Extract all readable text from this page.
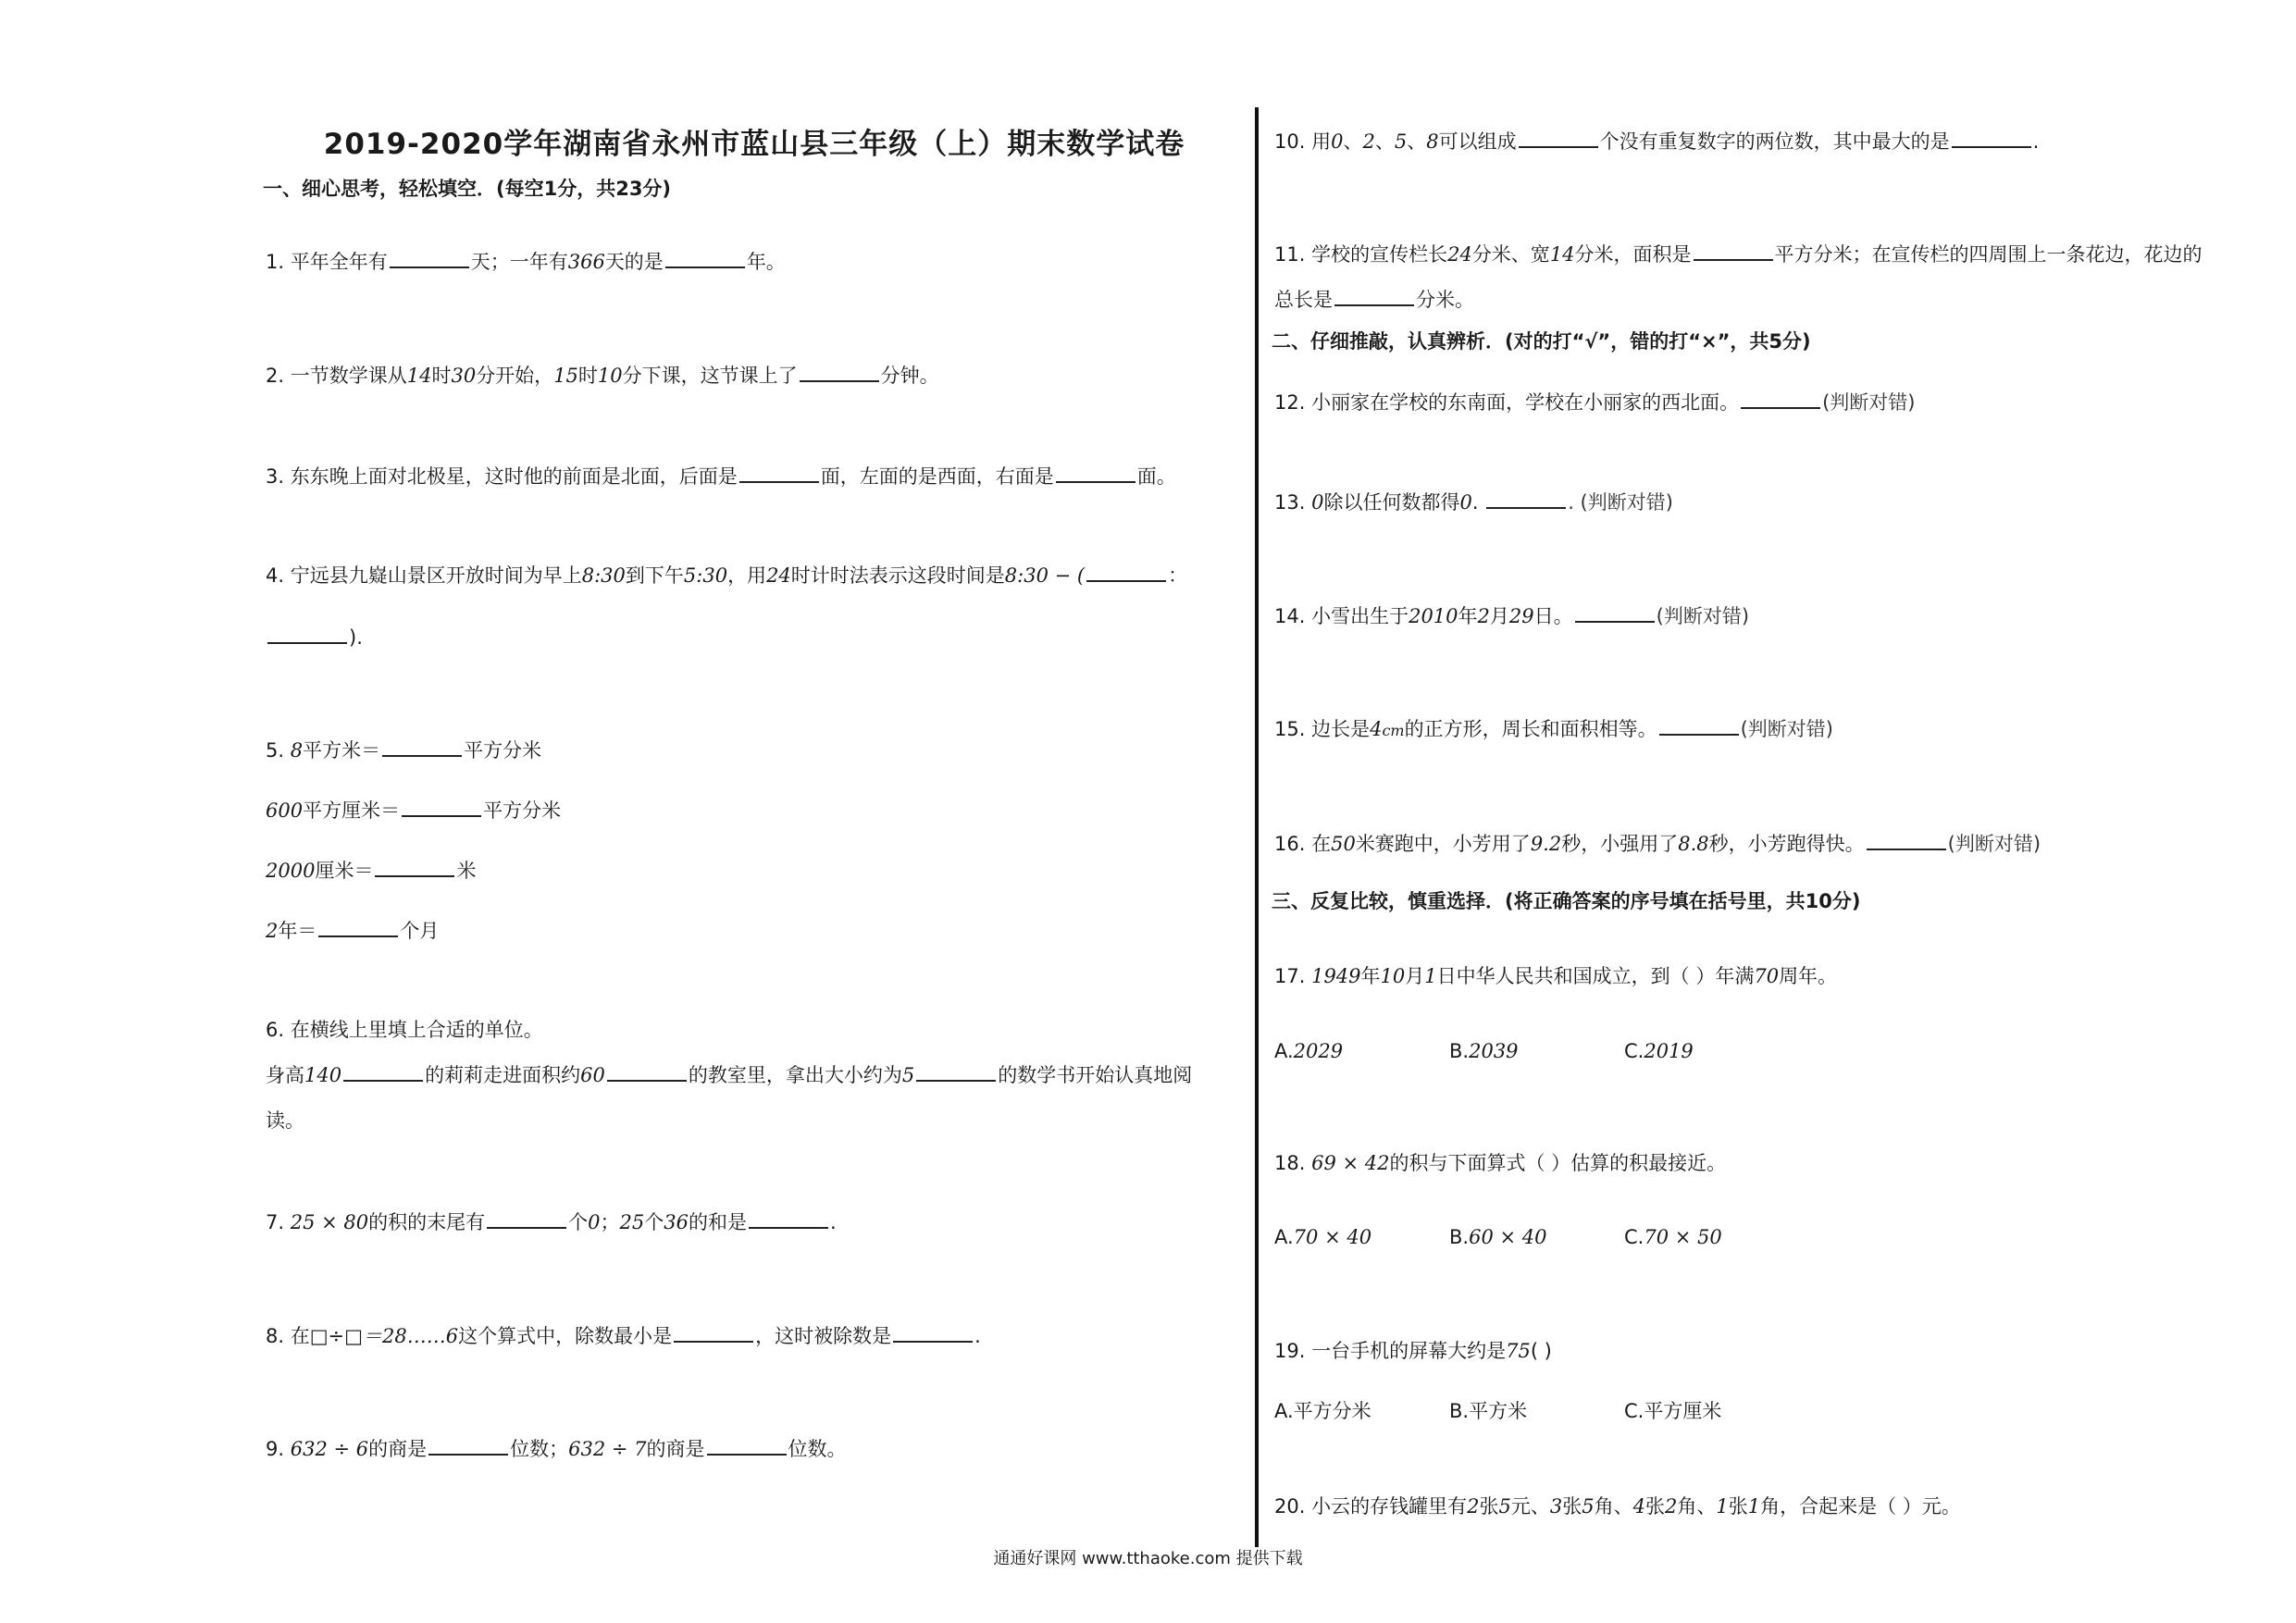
2019-2020学年湖南省永州市蓝山县三年级（上）期末数学试卷
一、细心思考，轻松填空．(每空1分，共23分)
1. 平年全年有	天；一年有366天的是	年。
2. 一节数学课从14时30分开始，15时10分下课，这节课上了	分钟。
3. 东东晚上面对北极星，这时他的前面是北面，后面是	面，左面的是西面，右面是	面。
4. 宁远县九嶷山景区开放时间为早上8:30到下午5:30，用24时计时法表示这段时间是8:30 − (	：
).
5. 8平方米＝	平方分米
600平方厘米＝	平方分米
2000厘米＝	米
2年＝	个月
6. 在横线上里填上合适的单位。
身高140	的莉莉走进面积约60	的教室里，拿出大小约为5	的数学书开始认真地阅
读。
7. 25 × 80的积的末尾有	个0；25个36的和是	.
8. 在□÷□＝28……6这个算式中，除数最小是	，这时被除数是	.
9. 632 ÷ 6的商是	位数；632 ÷ 7的商是	位数。
10. 用0、2、5、8可以组成	个没有重复数字的两位数，其中最大的是	.
11. 学校的宣传栏长24分米、宽14分米，面积是	平方分米；在宣传栏的四周围上一条花边，花边的
总长是	分米。
二、仔细推敲，认真辨析．(对的打“√”，错的打“×”，共5分)
12. 小丽家在学校的东南面，学校在小丽家的西北面。	(判断对错)
13. 0除以任何数都得0.	. (判断对错)
14. 小雪出生于2010年2月29日。	(判断对错)
15. 边长是4cm的正方形，周长和面积相等。	(判断对错)
16. 在50米赛跑中，小芳用了9.2秒，小强用了8.8秒，小芳跑得快。	(判断对错)
三、反复比较，慎重选择．(将正确答案的序号填在括号里，共10分)
17. 1949年10月1日中华人民共和国成立，到（ ）年满70周年。
A.2029	B.2039	C.2019
18. 69 × 42的积与下面算式（ ）估算的积最接近。
A.70 × 40	B.60 × 40	C.70 × 50
19. 一台手机的屏幕大约是75( )
A.平方分米	B.平方米	C.平方厘米
20. 小云的存钱罐里有2张5元、3张5角、4张2角、1张1角，合起来是（ ）元。
通通好课网 www.tthaoke.com 提供下载
